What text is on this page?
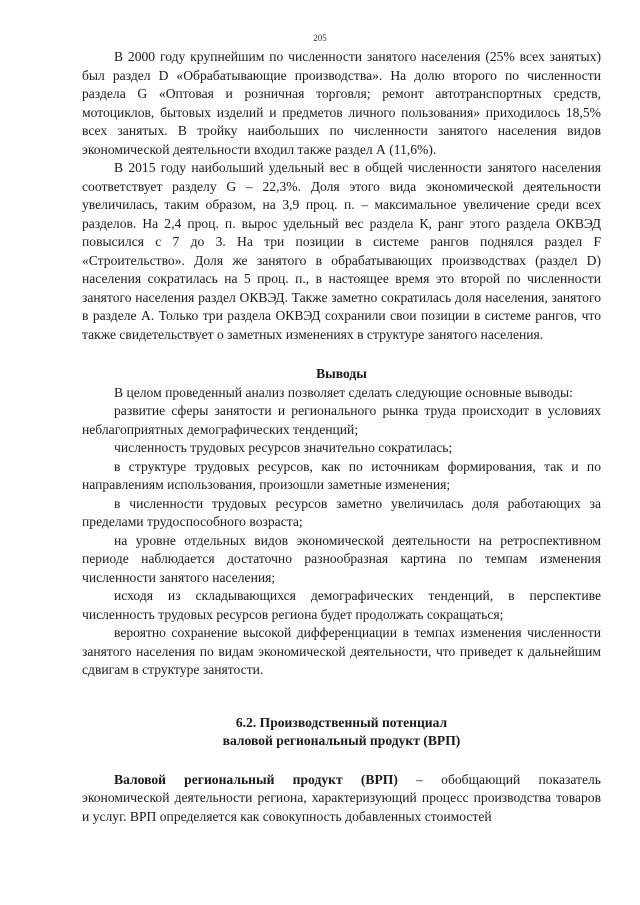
205

В 2000 году крупнейшим по численности занятого населения (25% всех занятых) был раздел D «Обрабатывающие производства». На долю второго по численности раздела G «Оптовая и розничная торговля; ремонт автотранспортных средств, мотоциклов, бытовых изделий и предметов личного пользования» приходилось 18,5% всех занятых. В тройку наибольших по численности занятого населения видов экономической деятельности входил также раздел А (11,6%).

В 2015 году наибольший удельный вес в общей численности занятого населения соответствует разделу G – 22,3%. Доля этого вида экономической деятельности увеличилась, таким образом, на 3,9 проц. п. – максимальное увеличение среди всех разделов. На 2,4 проц. п. вырос удельный вес раздела К, ранг этого раздела ОКВЭД повысился с 7 до 3. На три позиции в системе рангов поднялся раздел F «Строительство». Доля же занятого в обрабатывающих производствах (раздел D) населения сократилась на 5 проц. п., в настоящее время это второй по численности занятого населения раздел ОКВЭД. Также заметно сократилась доля населения, занятого в разделе А. Только три раздела ОКВЭД сохранили свои позиции в системе рангов, что также свидетельствует о заметных изменениях в структуре занятого населения.

Выводы

В целом проведенный анализ позволяет сделать следующие основные выводы:

развитие сферы занятости и регионального рынка труда происходит в условиях неблагоприятных демографических тенденций;

численность трудовых ресурсов значительно сократилась;

в структуре трудовых ресурсов, как по источникам формирования, так и по направлениям использования, произошли заметные изменения;

в численности трудовых ресурсов заметно увеличилась доля работающих за пределами трудоспособного возраста;

на уровне отдельных видов экономической деятельности на ретроспективном периоде наблюдается достаточно разнообразная картина по темпам изменения численности занятого населения;

исходя из складывающихся демографических тенденций, в перспективе численность трудовых ресурсов региона будет продолжать сокращаться;

вероятно сохранение высокой дифференциации в темпах изменения численности занятого населения по видам экономической деятельности, что приведет к дальнейшим сдвигам в структуре занятости.

6.2. Производственный потенциал
валовой региональный продукт (ВРП)

Валовой региональный продукт (ВРП) – обобщающий показатель экономической деятельности региона, характеризующий процесс производства товаров и услуг. ВРП определяется как совокупность добавленных стоимостей
